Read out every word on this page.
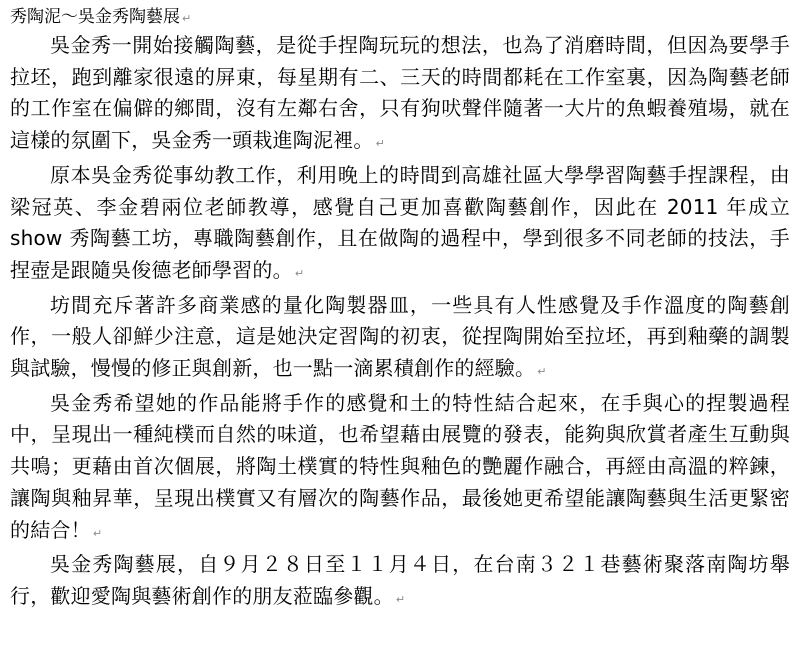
秀陶泥～吳金秀陶藝展 ↵

吳金秀一開始接觸陶藝，是從手捏陶玩玩的想法，也為了消磨時間，但因為要學手拉坯，跑到離家很遠的屏東，每星期有二、三天的時間都耗在工作室裏，因為陶藝老師的工作室在偏僻的鄉間，沒有左鄰右舍，只有狗吠聲伴隨著一大片的魚蝦養殖場，就在這樣的氛圍下，吳金秀一頭栽進陶泥裡。 ↵

原本吳金秀從事幼教工作，利用晚上的時間到高雄社區大學學習陶藝手捏課程，由梁冠英、李金碧兩位老師教導，感覺自己更加喜歡陶藝創作，因此在 2011 年成立 show 秀陶藝工坊，專職陶藝創作，且在做陶的過程中，學到很多不同老師的技法，手捏壺是跟隨吳俊德老師學習的。 ↵

坊間充斥著許多商業感的量化陶製器皿，一些具有人性感覺及手作溫度的陶藝創作，一般人卻鮮少注意，這是她決定習陶的初衷，從捏陶開始至拉坯，再到釉藥的調製與試驗，慢慢的修正與創新，也一點一滴累積創作的經驗。 ↵

吳金秀希望她的作品能將手作的感覺和土的特性結合起來，在手與心的捏製過程中，呈現出一種純樸而自然的味道，也希望藉由展覽的發表，能夠與欣賞者產生互動與共鳴；更藉由首次個展，將陶土樸實的特性與釉色的艷麗作融合，再經由高溫的粹鍊，讓陶與釉昇華，呈現出樸實又有層次的陶藝作品，最後她更希望能讓陶藝與生活更緊密的結合！ ↵

吳金秀陶藝展，自９月２８日至１１月４日，在台南３２１巷藝術聚落南陶坊舉行，歡迎愛陶與藝術創作的朋友蒞臨參觀。 ↵
